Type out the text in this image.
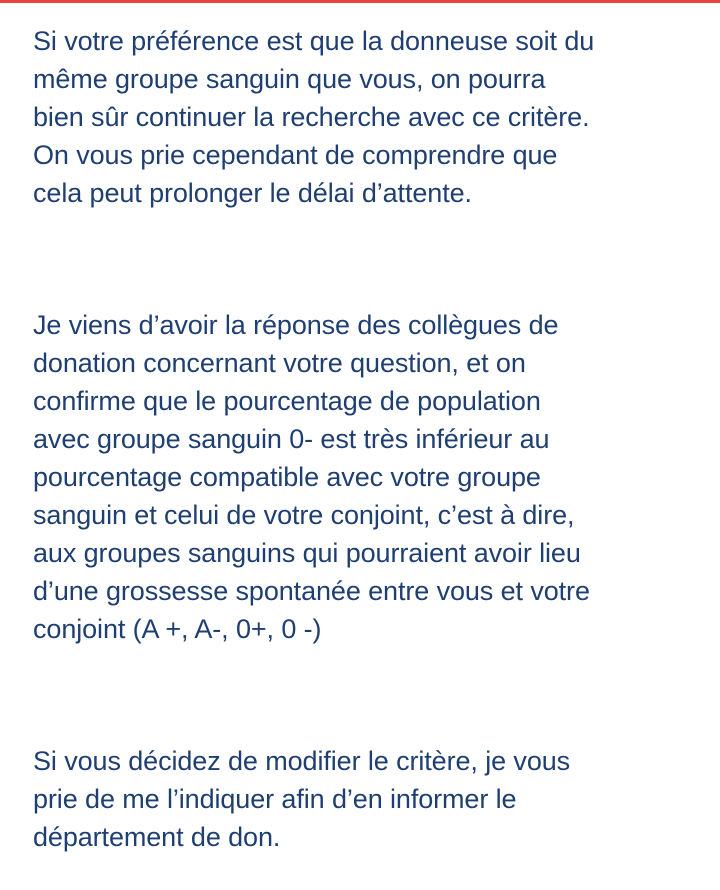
Si votre préférence est que la donneuse soit du
même groupe sanguin que vous, on pourra
bien sûr continuer la recherche avec ce critère.
On vous prie cependant de comprendre que
cela peut prolonger le délai d’attente.

Je viens d’avoir la réponse des collègues de
donation concernant votre question, et on
confirme que le pourcentage de population
avec groupe sanguin 0- est très inférieur au
pourcentage compatible avec votre groupe
sanguin et celui de votre conjoint, c’est à dire,
aux groupes sanguins qui pourraient avoir lieu
d’une grossesse spontanée entre vous et votre
conjoint (A +, A-, 0+, 0 -)

Si vous décidez de modifier le critère, je vous
prie de me l’indiquer afin d’en informer le
département de don.
